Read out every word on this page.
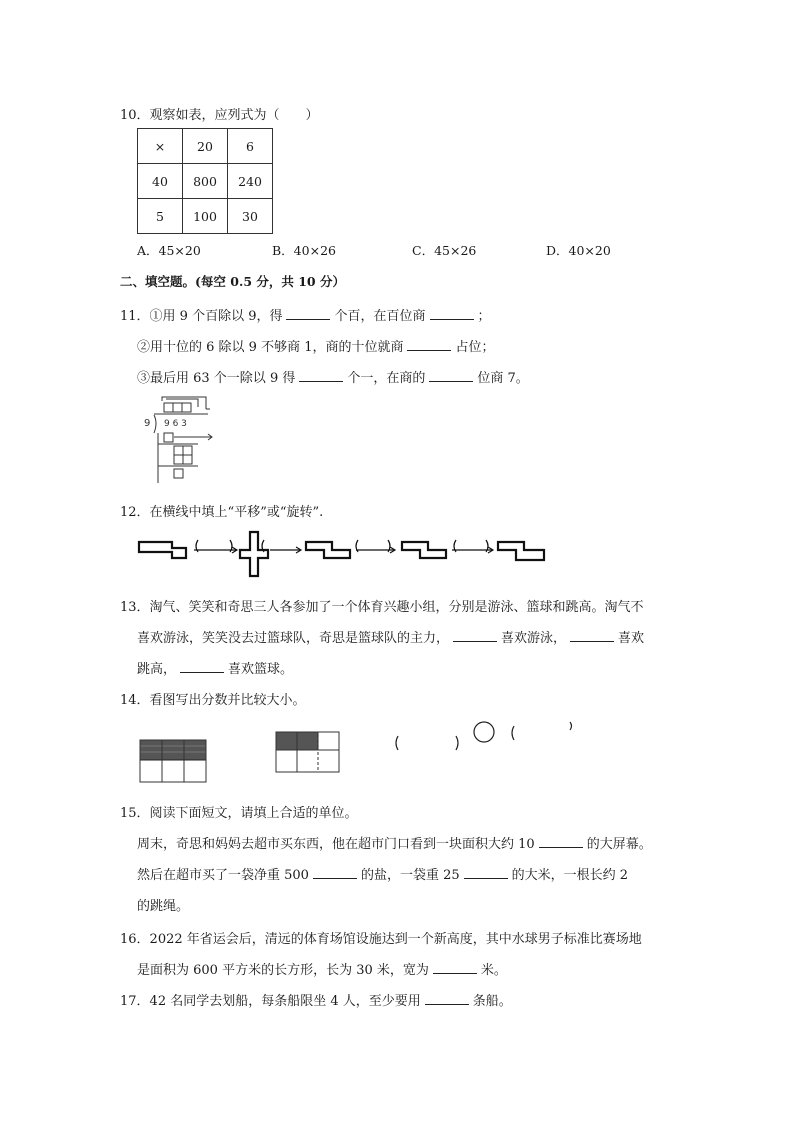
10．观察如表，应列式为（　　）
×	20	6
40	800	240
5	100	30
A．45×20	B．40×26	C．45×26	D．40×20
二、填空题。(每空 0.5 分，共 10 分）
11．①用 9 个百除以 9，得	个百，在百位商	；
②用十位的 6 除以 9 不够商 1，商的十位就商	占位；
③最后用 63 个一除以 9 得	个一，在商的	位商 7。
9 9 6 3
12．在横线中填上“平移”或“旋转”.
13．淘气、笑笑和奇思三人各参加了一个体育兴趣小组，分别是游泳、篮球和跳高。淘气不
喜欢游泳，笑笑没去过篮球队，奇思是篮球队的主力，	喜欢游泳，	喜欢
跳高，	喜欢篮球。
14．看图写出分数并比较大小。
15．阅读下面短文，请填上合适的单位。
周末，奇思和妈妈去超市买东西，他在超市门口看到一块面积大约 10	的大屏幕。
然后在超市买了一袋净重 500	的盐，一袋重 25	的大米，一根长约 2
的跳绳。
16．2022 年省运会后，清远的体育场馆设施达到一个新高度，其中水球男子标准比赛场地
是面积为 600 平方米的长方形，长为 30 米，宽为	米。
17．42 名同学去划船，每条船限坐 4 人，至少要用	条船。
